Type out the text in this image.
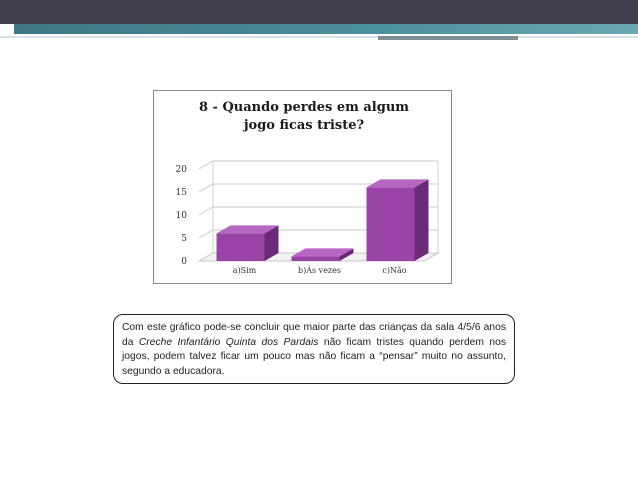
8 - Quando perdes em algum jogo ficas triste?
0
5
10
15
20
a)Sim	b)Às vezes	c)Não

Com este gráfico pode-se concluir que maior parte das crianças da sala 4/5/6 anos da Creche Infantário Quinta dos Pardais não ficam tristes quando perdem nos jogos, podem talvez ficar um pouco mas não ficam a “pensar” muito no assunto, segundo a educadora.
